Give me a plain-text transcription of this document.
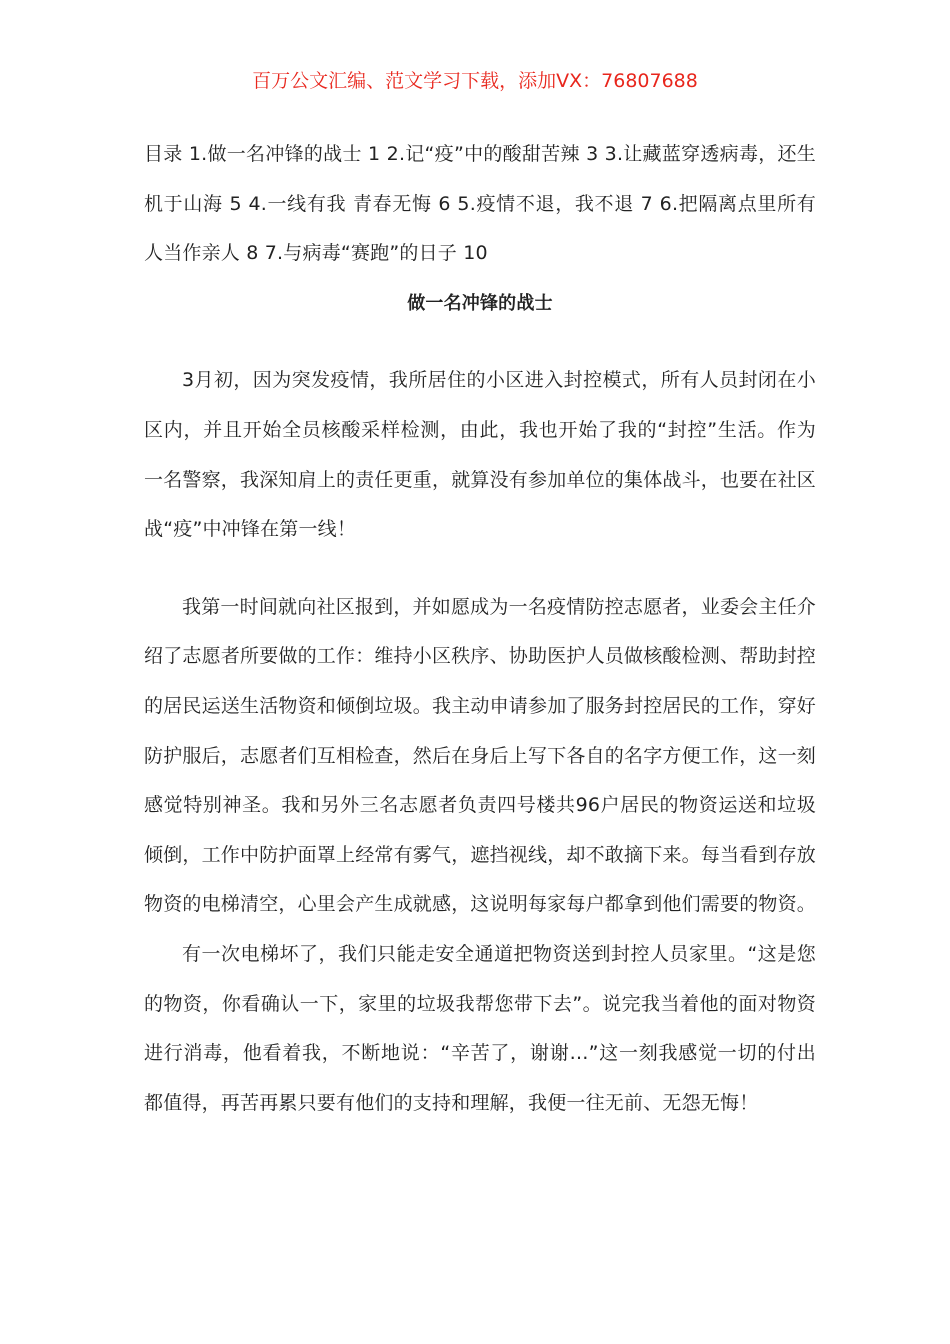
百万公文汇编、范文学习下载，添加VX：76807688

目录 1.做一名冲锋的战士 1 2.记“疫”中的酸甜苦辣 3 3.让藏蓝穿透病毒，还生机于山海 5 4.一线有我 青春无悔 6 5.疫情不退，我不退 7 6.把隔离点里所有人当作亲人 8 7.与病毒“赛跑”的日子 10

做一名冲锋的战士

3月初，因为突发疫情，我所居住的小区进入封控模式，所有人员封闭在小区内，并且开始全员核酸采样检测，由此，我也开始了我的“封控”生活。作为一名警察，我深知肩上的责任更重，就算没有参加单位的集体战斗，也要在社区战“疫”中冲锋在第一线！

我第一时间就向社区报到，并如愿成为一名疫情防控志愿者，业委会主任介绍了志愿者所要做的工作：维持小区秩序、协助医护人员做核酸检测、帮助封控的居民运送生活物资和倾倒垃圾。我主动申请参加了服务封控居民的工作，穿好防护服后，志愿者们互相检查，然后在身后上写下各自的名字方便工作，这一刻感觉特别神圣。我和另外三名志愿者负责四号楼共96户居民的物资运送和垃圾倾倒，工作中防护面罩上经常有雾气，遮挡视线，却不敢摘下来。每当看到存放物资的电梯清空，心里会产生成就感，这说明每家每户都拿到他们需要的物资。

有一次电梯坏了，我们只能走安全通道把物资送到封控人员家里。“这是您的物资，你看确认一下，家里的垃圾我帮您带下去”。说完我当着他的面对物资进行消毒，他看着我，不断地说：“辛苦了，谢谢…”这一刻我感觉一切的付出都值得，再苦再累只要有他们的支持和理解，我便一往无前、无怨无悔！
